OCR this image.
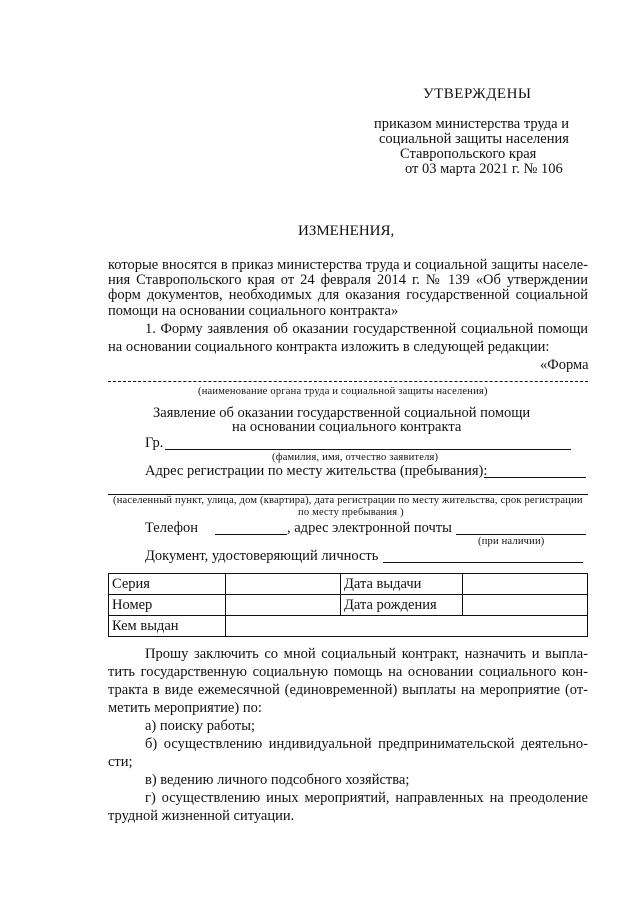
УТВЕРЖДЕНЫ
приказом министерства труда и
социальной защиты населения
Ставропольского края
от 03 марта 2021 г. № 106
ИЗМЕНЕНИЯ,
которые вносятся в приказ министерства труда и социальной защиты населе-
ния Ставропольского края от 24 февраля 2014 г. № 139 «Об утверждении
форм документов, необходимых для оказания государственной социальной
помощи на основании социального контракта»
1. Форму заявления об оказании государственной социальной помощи
на основании социального контракта изложить в следующей редакции:
«Форма
(наименование органа труда и социальной защиты населения)
Заявление об оказании государственной социальной помощи
на основании социального контракта
Гр.
(фамилия, имя, отчество заявителя)
Адрес регистрации по месту жительства (пребывания):
(населенный пункт, улица, дом (квартира), дата регистрации по месту жительства, срок регистрации
по месту пребывания )
Телефон	, адрес электронной почты
(при наличии)
Документ, удостоверяющий личность
Серия		Дата выдачи	
Номер		Дата рождения	
Кем выдан			
Прошу заключить со мной социальный контракт, назначить и выпла-
тить государственную социальную помощь на основании социального кон-
тракта в виде ежемесячной (единовременной) выплаты на мероприятие (от-
метить мероприятие) по:
а) поиску работы;
б) осуществлению индивидуальной предпринимательской деятельно-
сти;
в) ведению личного подсобного хозяйства;
г) осуществлению иных мероприятий, направленных на преодоление
трудной жизненной ситуации.
